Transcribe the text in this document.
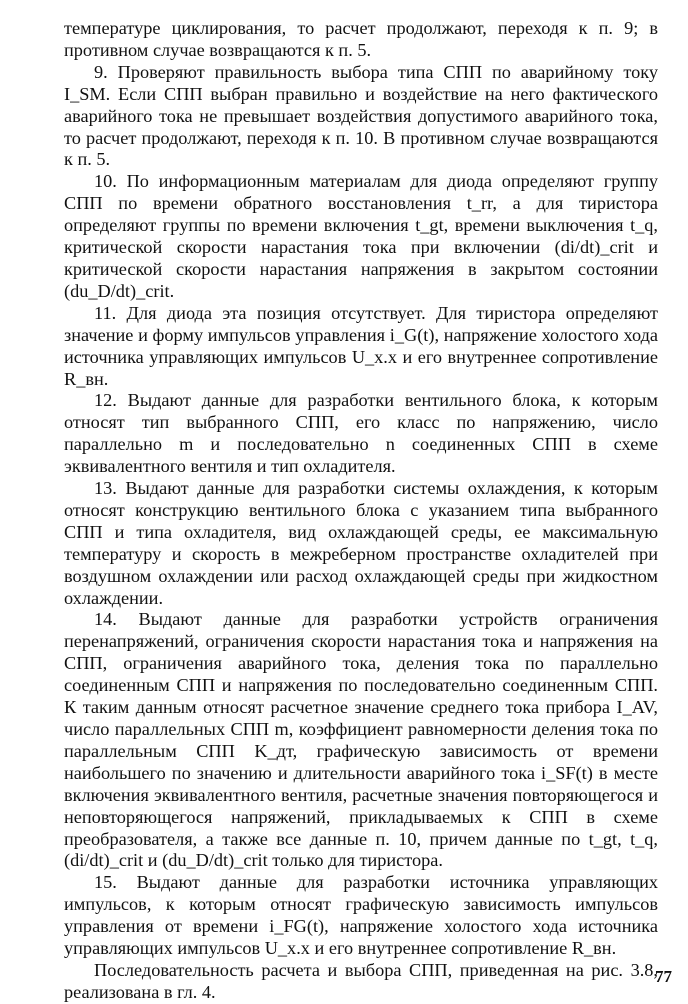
температуре циклирования, то расчет продолжают, переходя к п. 9; в противном случае возвращаются к п. 5.

9. Проверяют правильность выбора типа СПП по аварийному току I_SM. Если СПП выбран правильно и воздействие на него фактического аварийного тока не превышает воздействия допустимого аварийного тока, то расчет продолжают, переходя к п. 10. В противном случае возвращаются к п. 5.

10. По информационным материалам для диода определяют группу СПП по времени обратного восстановления t_rr, а для тиристора определяют группы по времени включения t_gt, времени выключения t_q, критической скорости нарастания тока при включении (di/dt)_crit и критической скорости нарастания напряжения в закрытом состоянии (du_D/dt)_crit.

11. Для диода эта позиция отсутствует. Для тиристора определяют значение и форму импульсов управления i_G(t), напряжение холостого хода источника управляющих импульсов U_x.x и его внутреннее сопротивление R_вн.

12. Выдают данные для разработки вентильного блока, к которым относят тип выбранного СПП, его класс по напряжению, число параллельно m и последовательно n соединенных СПП в схеме эквивалентного вентиля и тип охладителя.

13. Выдают данные для разработки системы охлаждения, к которым относят конструкцию вентильного блока с указанием типа выбранного СПП и типа охладителя, вид охлаждающей среды, ее максимальную температуру и скорость в межреберном пространстве охладителей при воздушном охлаждении или расход охлаждающей среды при жидкостном охлаждении.

14. Выдают данные для разработки устройств ограничения перенапряжений, ограничения скорости нарастания тока и напряжения на СПП, ограничения аварийного тока, деления тока по параллельно соединенным СПП и напряжения по последовательно соединенным СПП. К таким данным относят расчетное значение среднего тока прибора I_AV, число параллельных СПП m, коэффициент равномерности деления тока по параллельным СПП K_дт, графическую зависимость от времени наибольшего по значению и длительности аварийного тока i_SF(t) в месте включения эквивалентного вентиля, расчетные значения повторяющегося и неповторяющегося напряжений, прикладываемых к СПП в схеме преобразователя, а также все данные п. 10, причем данные по t_gt, t_q, (di/dt)_crit и (du_D/dt)_crit только для тиристора.

15. Выдают данные для разработки источника управляющих импульсов, к которым относят графическую зависимость импульсов управления от времени i_FG(t), напряжение холостого хода источника управляющих импульсов U_x.x и его внутреннее сопротивление R_вн.

Последовательность расчета и выбора СПП, приведенная на рис. 3.8, реализована в гл. 4.

77
